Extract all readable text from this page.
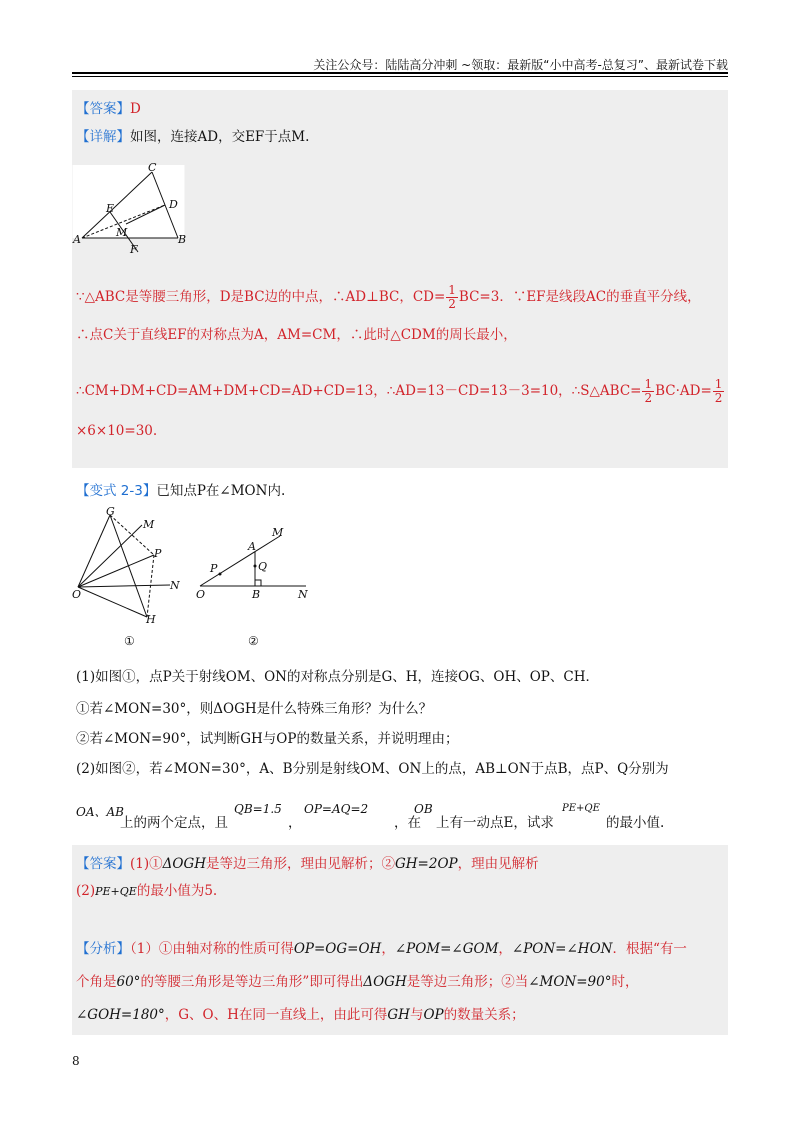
关注公众号：陆陆高分冲刺 ~领取：最新版“小中高考-总复习”、最新试卷下载
【答案】D
【详解】如图，连接AD，交EF于点M.
C
E	D
M
A	B
F
∵△ABC是等腰三角形，D是BC边的中点，∴AD⊥BC，$CD= \frac{1}{2} BC=3$．∵EF是线段AC的垂直平分线，
∴点C关于直线EF的对称点为A，AM=CM，∴此时△CDM的周长最小，
∴CM+DM+CD=AM+DM+CD=AD+CD=13，∴AD=13－CD=13－3=10，∴S△ABC= $\frac{1}{2} BC\cdot AD= \frac{1}{2}$
×6×10=30.
【变式 2-3】已知点P在∠MON内.
G
M
P
N
O
H
①
M
A
P	Q
O	B	N
②
(1)如图①，点P关于射线OM、ON的对称点分别是G、H，连接OG、OH、OP、CH．
①若∠MON=30°，则ΔOGH是什么特殊三角形？为什么？
②若∠MON=90°，试判断GH与OP的数量关系，并说明理由；
(2)如图②，若∠MON=30°，A、B分别是射线OM、ON上的点，AB⊥ON于点B，点P、Q分别为
OA、AB
上的两个定点，且
QB=1.5
，
OP=AQ=2
，在
OB
上有一动点E，试求
PE+QE
的最小值.
【答案】(1)①ΔOGH是等边三角形，理由见解析；②GH=2OP，理由见解析
(2)PE+QE的最小值为5.
【分析】（1）①由轴对称的性质可得OP=OG=OH，∠POM=∠GOM，∠PON=∠HON．根据“有一
个角是60°的等腰三角形是等边三角形”即可得出ΔOGH是等边三角形；②当∠MON=90°时，
∠GOH=180°，G、O、H在同一直线上，由此可得GH与OP的数量关系；
8
